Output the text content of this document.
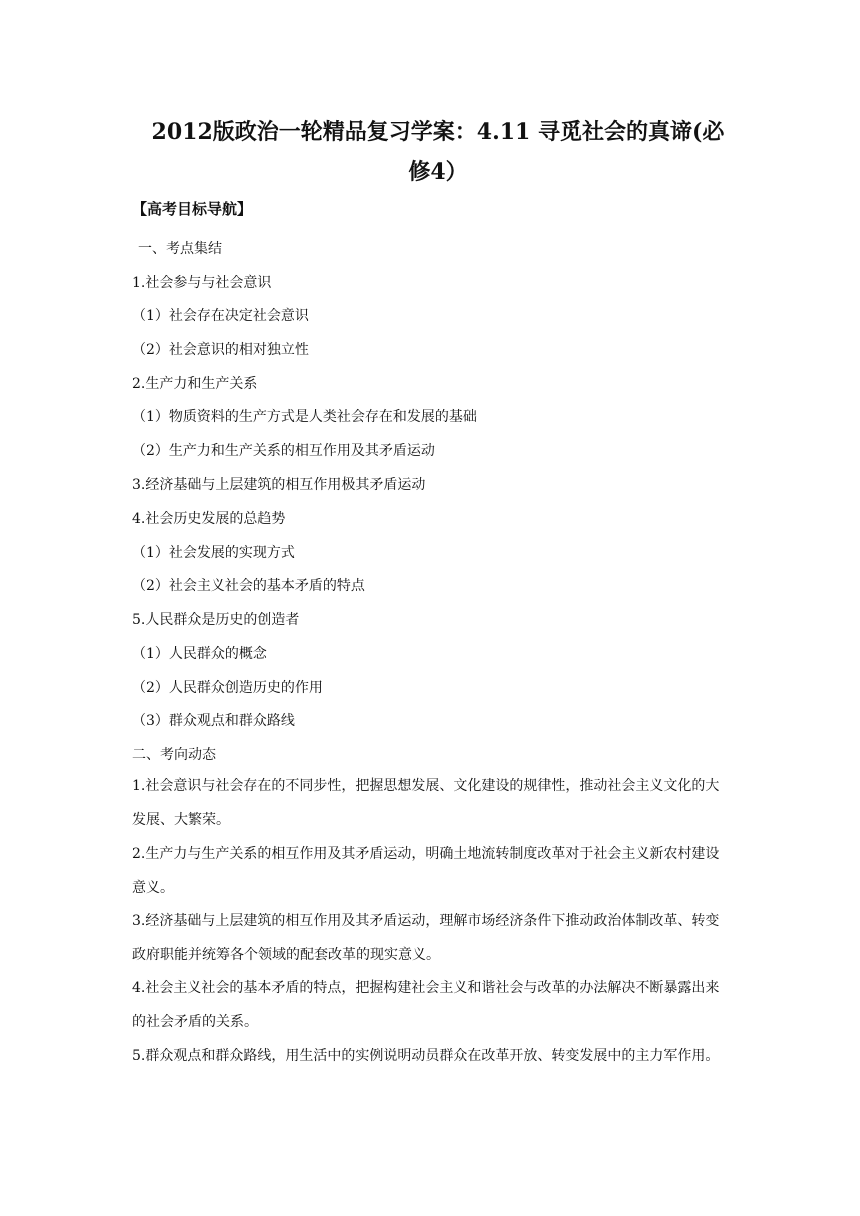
2012版政治一轮精品复习学案：4.11 寻觅社会的真谛(必
修4）
【高考目标导航】
一、考点集结
1.社会参与与社会意识
（1）社会存在决定社会意识
（2）社会意识的相对独立性
2.生产力和生产关系
（1）物质资料的生产方式是人类社会存在和发展的基础
（2）生产力和生产关系的相互作用及其矛盾运动
3.经济基础与上层建筑的相互作用极其矛盾运动
4.社会历史发展的总趋势
（1）社会发展的实现方式
（2）社会主义社会的基本矛盾的特点
5.人民群众是历史的创造者
（1）人民群众的概念
（2）人民群众创造历史的作用
（3）群众观点和群众路线
二、考向动态
1.社会意识与社会存在的不同步性，把握思想发展、文化建设的规律性，推动社会主义文化的大发展、大繁荣。
2.生产力与生产关系的相互作用及其矛盾运动，明确土地流转制度改革对于社会主义新农村建设意义。
3.经济基础与上层建筑的相互作用及其矛盾运动，理解市场经济条件下推动政治体制改革、转变政府职能并统筹各个领域的配套改革的现实意义。
4.社会主义社会的基本矛盾的特点，把握构建社会主义和谐社会与改革的办法解决不断暴露出来的社会矛盾的关系。
5.群众观点和群众路线，用生活中的实例说明动员群众在改革开放、转变发展中的主力军作用。
